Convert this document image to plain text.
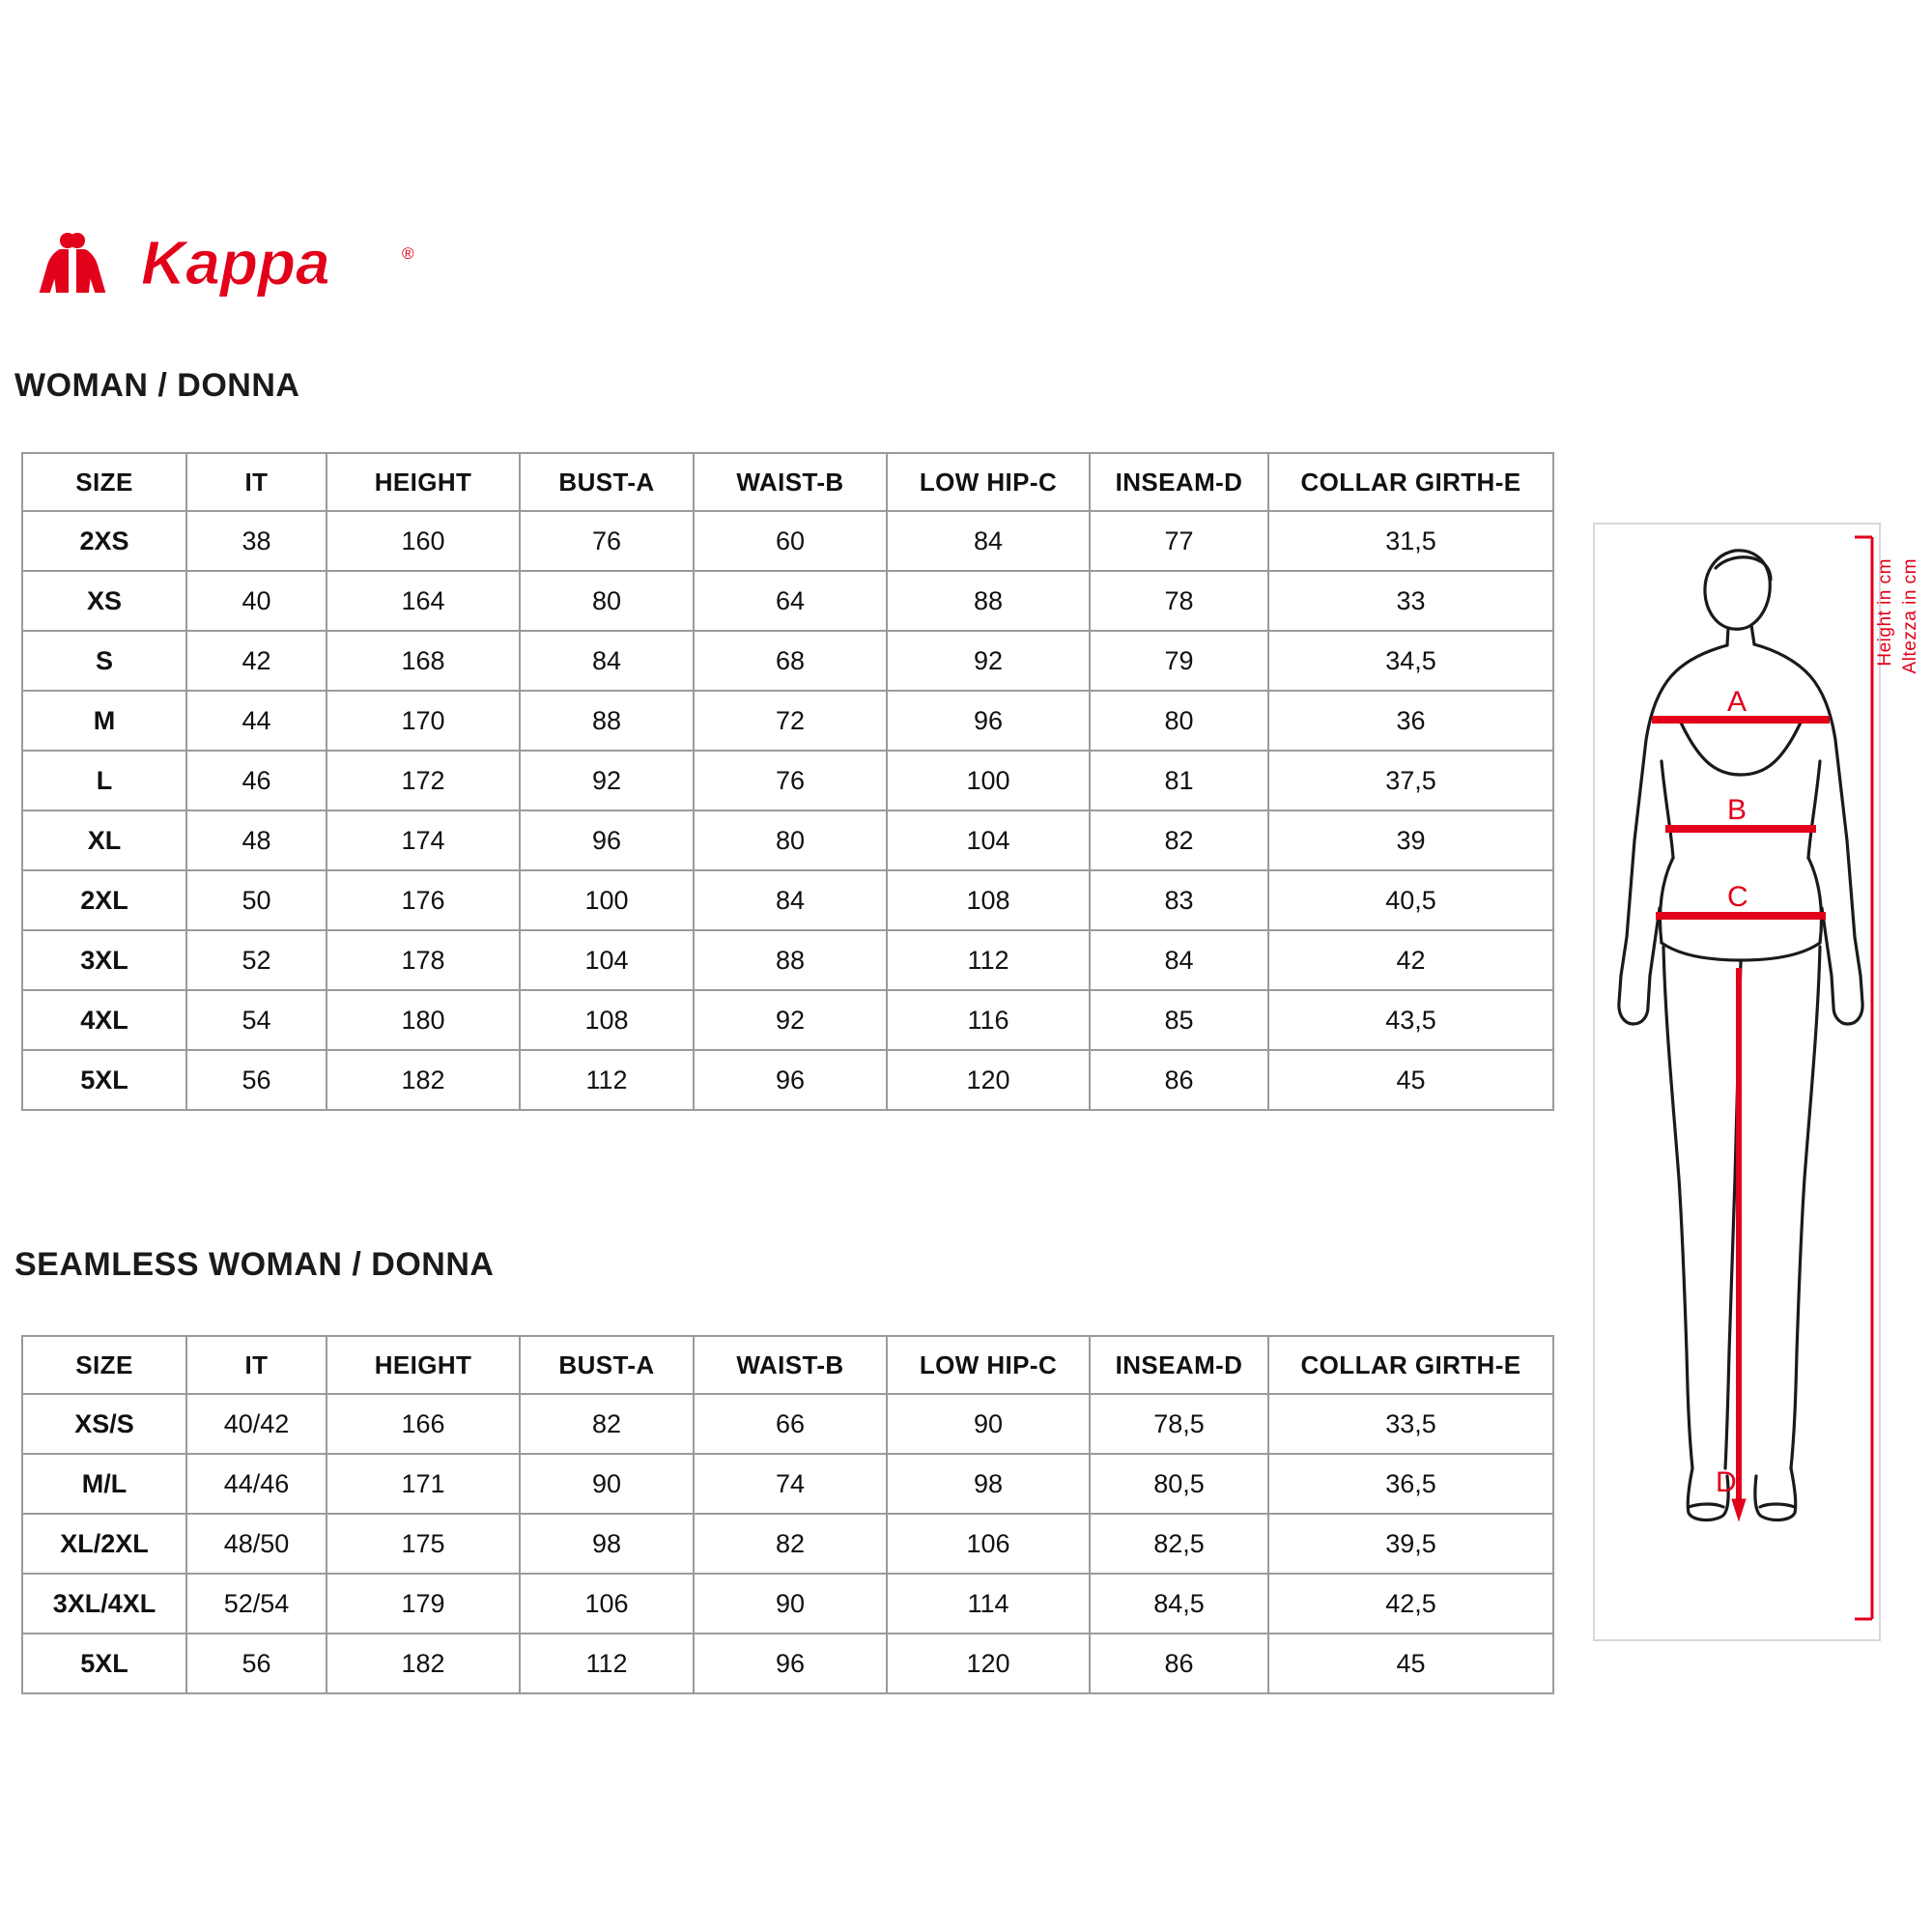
Kappa	®
WOMAN / DONNA
SIZE	IT	HEIGHT	BUST-A	WAIST-B	LOW HIP-C	INSEAM-D	COLLAR GIRTH-E
2XS	38	160	76	60	84	77	31,5
XS	40	164	80	64	88	78	33
S	42	168	84	68	92	79	34,5
M	44	170	88	72	96	80	36
L	46	172	92	76	100	81	37,5
XL	48	174	96	80	104	82	39
2XL	50	176	100	84	108	83	40,5
3XL	52	178	104	88	112	84	42
4XL	54	180	108	92	116	85	43,5
5XL	56	182	112	96	120	86	45
SEAMLESS WOMAN / DONNA
SIZE	IT	HEIGHT	BUST-A	WAIST-B	LOW HIP-C	INSEAM-D	COLLAR GIRTH-E
XS/S	40/42	166	82	66	90	78,5	33,5
M/L	44/46	171	90	74	98	80,5	36,5
XL/2XL	48/50	175	98	82	106	82,5	39,5
3XL/4XL	52/54	179	106	90	114	84,5	42,5
5XL	56	182	112	96	120	86	45
A
B
C
D
Height in cm Altezza in cm
